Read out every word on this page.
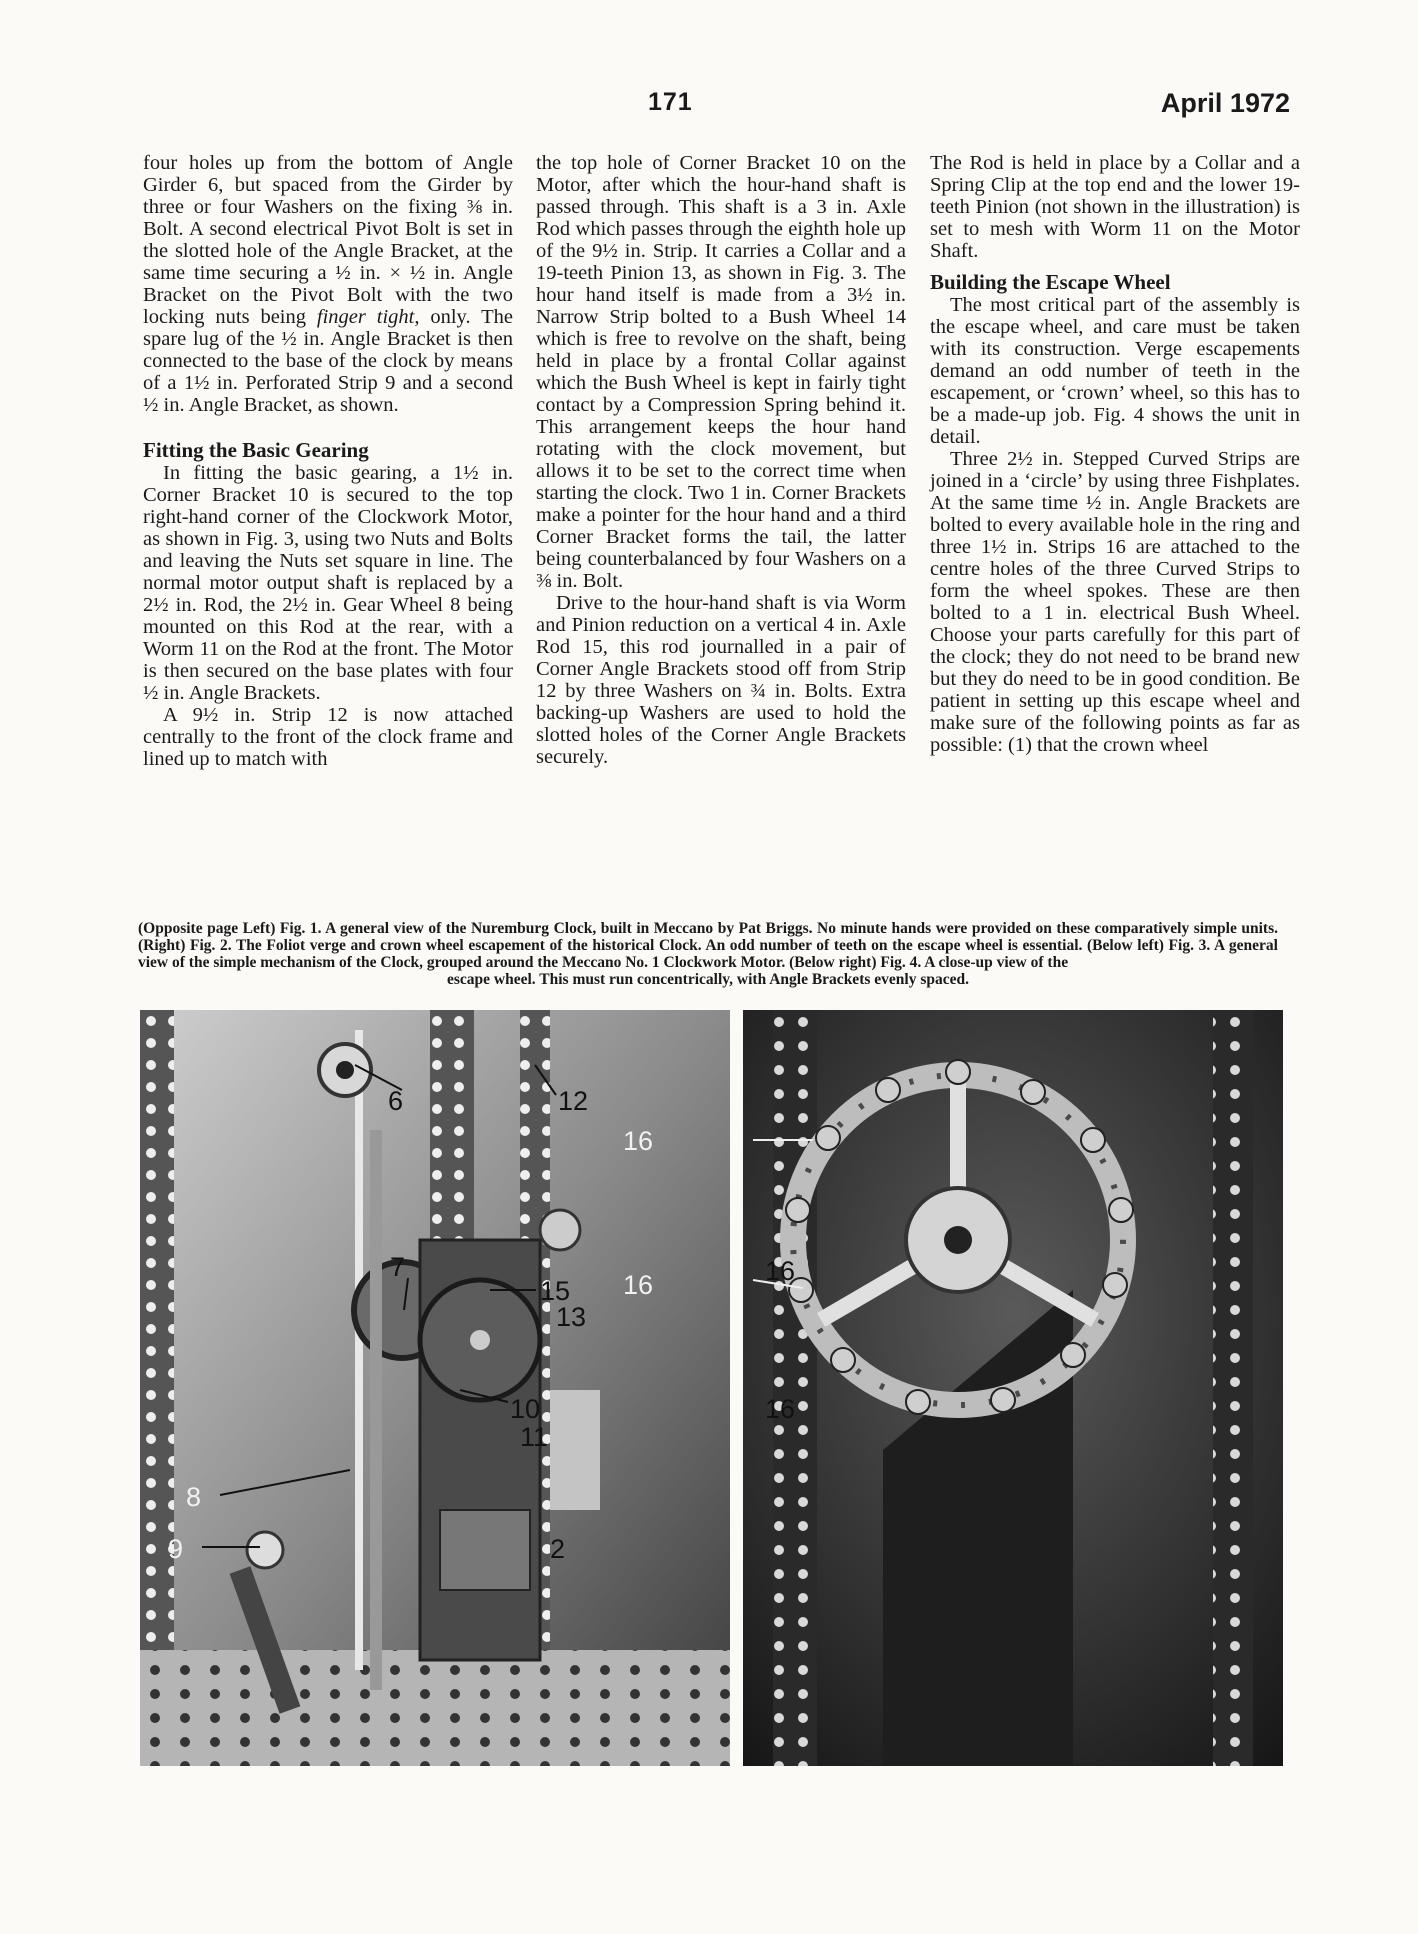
171	April 1972

four holes up from the bottom of Angle Girder 6, but spaced from the Girder by three or four Washers on the fixing ⅜ in. Bolt. A second electrical Pivot Bolt is set in the slotted hole of the Angle Bracket, at the same time securing a ½ in. × ½ in. Angle Bracket on the Pivot Bolt with the two locking nuts being finger tight, only. The spare lug of the ½ in. Angle Bracket is then connected to the base of the clock by means of a 1½ in. Perforated Strip 9 and a second ½ in. Angle Bracket, as shown.

Fitting the Basic Gearing

In fitting the basic gearing, a 1½ in. Corner Bracket 10 is secured to the top right-hand corner of the Clockwork Motor, as shown in Fig. 3, using two Nuts and Bolts and leaving the Nuts set square in line. The normal motor output shaft is replaced by a 2½ in. Rod, the 2½ in. Gear Wheel 8 being mounted on this Rod at the rear, with a Worm 11 on the Rod at the front. The Motor is then secured on the base plates with four ½ in. Angle Brackets.

A 9½ in. Strip 12 is now attached centrally to the front of the clock frame and lined up to match with

the top hole of Corner Bracket 10 on the Motor, after which the hour-hand shaft is passed through. This shaft is a 3 in. Axle Rod which passes through the eighth hole up of the 9½ in. Strip. It carries a Collar and a 19-teeth Pinion 13, as shown in Fig. 3. The hour hand itself is made from a 3½ in. Narrow Strip bolted to a Bush Wheel 14 which is free to revolve on the shaft, being held in place by a frontal Collar against which the Bush Wheel is kept in fairly tight contact by a Compression Spring behind it. This arrangement keeps the hour hand rotating with the clock movement, but allows it to be set to the correct time when starting the clock. Two 1 in. Corner Brackets make a pointer for the hour hand and a third Corner Bracket forms the tail, the latter being counterbalanced by four Washers on a ⅜ in. Bolt.

Drive to the hour-hand shaft is via Worm and Pinion reduction on a vertical 4 in. Axle Rod 15, this rod journalled in a pair of Corner Angle Brackets stood off from Strip 12 by three Washers on ¾ in. Bolts. Extra backing-up Washers are used to hold the slotted holes of the Corner Angle Brackets securely.

The Rod is held in place by a Collar and a Spring Clip at the top end and the lower 19-teeth Pinion (not shown in the illustration) is set to mesh with Worm 11 on the Motor Shaft.

Building the Escape Wheel

The most critical part of the assembly is the escape wheel, and care must be taken with its construction. Verge escapements demand an odd number of teeth in the escapement, or ‘crown’ wheel, so this has to be a made-up job. Fig. 4 shows the unit in detail.

Three 2½ in. Stepped Curved Strips are joined in a ‘circle’ by using three Fishplates. At the same time ½ in. Angle Brackets are bolted to every available hole in the ring and three 1½ in. Strips 16 are attached to the centre holes of the three Curved Strips to form the wheel spokes. These are then bolted to a 1 in. electrical Bush Wheel. Choose your parts carefully for this part of the clock; they do not need to be brand new but they do need to be in good condition. Be patient in setting up this escape wheel and make sure of the following points as far as possible: (1) that the crown wheel

(Opposite page Left) Fig. 1. A general view of the Nuremburg Clock, built in Meccano by Pat Briggs. No minute hands were provided on these comparatively simple units. (Right) Fig. 2. The Foliot verge and crown wheel escapement of the historical Clock. An odd number of teeth on the escape wheel is essential. (Below left) Fig. 3. A general view of the simple mechanism of the Clock, grouped around the Meccano No. 1 Clockwork Motor. (Below right) Fig. 4. A close-up view of the
escape wheel. This must run concentrically, with Angle Brackets evenly spaced.
6
7
12
15
13
10
11
8
9	2
16
16	16
16
